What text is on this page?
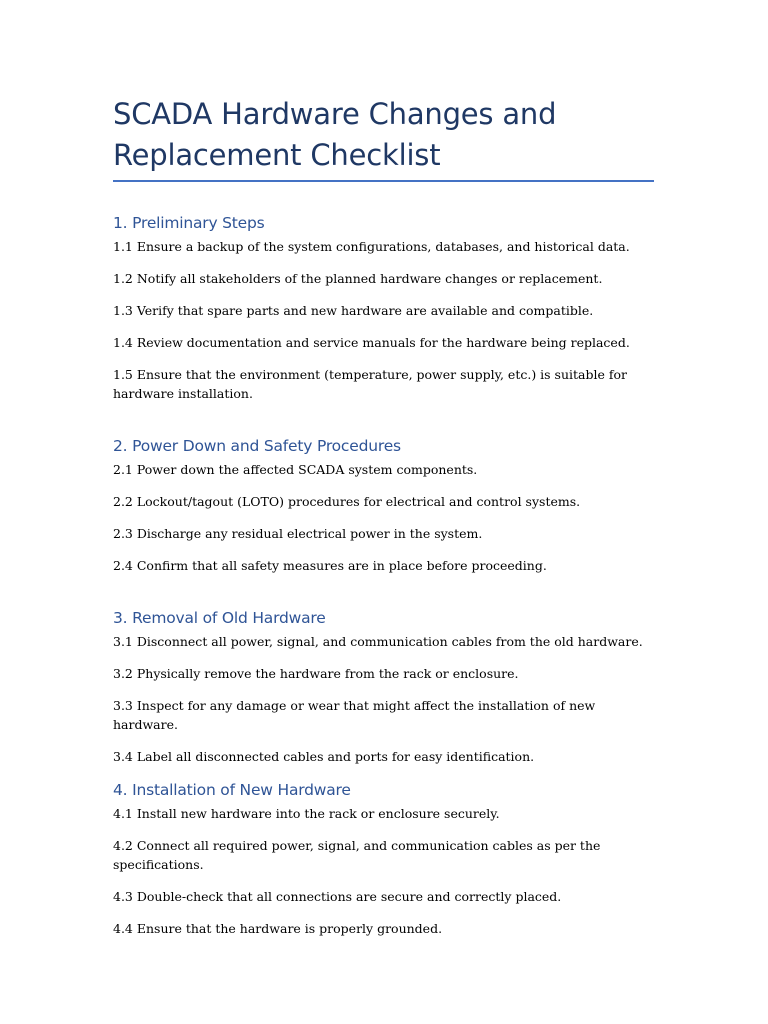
SCADA Hardware Changes and Replacement Checklist
1. Preliminary Steps

1.1 Ensure a backup of the system configurations, databases, and historical data.

1.2 Notify all stakeholders of the planned hardware changes or replacement.

1.3 Verify that spare parts and new hardware are available and compatible.

1.4 Review documentation and service manuals for the hardware being replaced.

1.5 Ensure that the environment (temperature, power supply, etc.) is suitable for hardware installation.

2. Power Down and Safety Procedures

2.1 Power down the affected SCADA system components.

2.2 Lockout/tagout (LOTO) procedures for electrical and control systems.

2.3 Discharge any residual electrical power in the system.

2.4 Confirm that all safety measures are in place before proceeding.

3. Removal of Old Hardware

3.1 Disconnect all power, signal, and communication cables from the old hardware.

3.2 Physically remove the hardware from the rack or enclosure.

3.3 Inspect for any damage or wear that might affect the installation of new hardware.

3.4 Label all disconnected cables and ports for easy identification.

4. Installation of New Hardware

4.1 Install new hardware into the rack or enclosure securely.

4.2 Connect all required power, signal, and communication cables as per the specifications.

4.3 Double-check that all connections are secure and correctly placed.

4.4 Ensure that the hardware is properly grounded.
